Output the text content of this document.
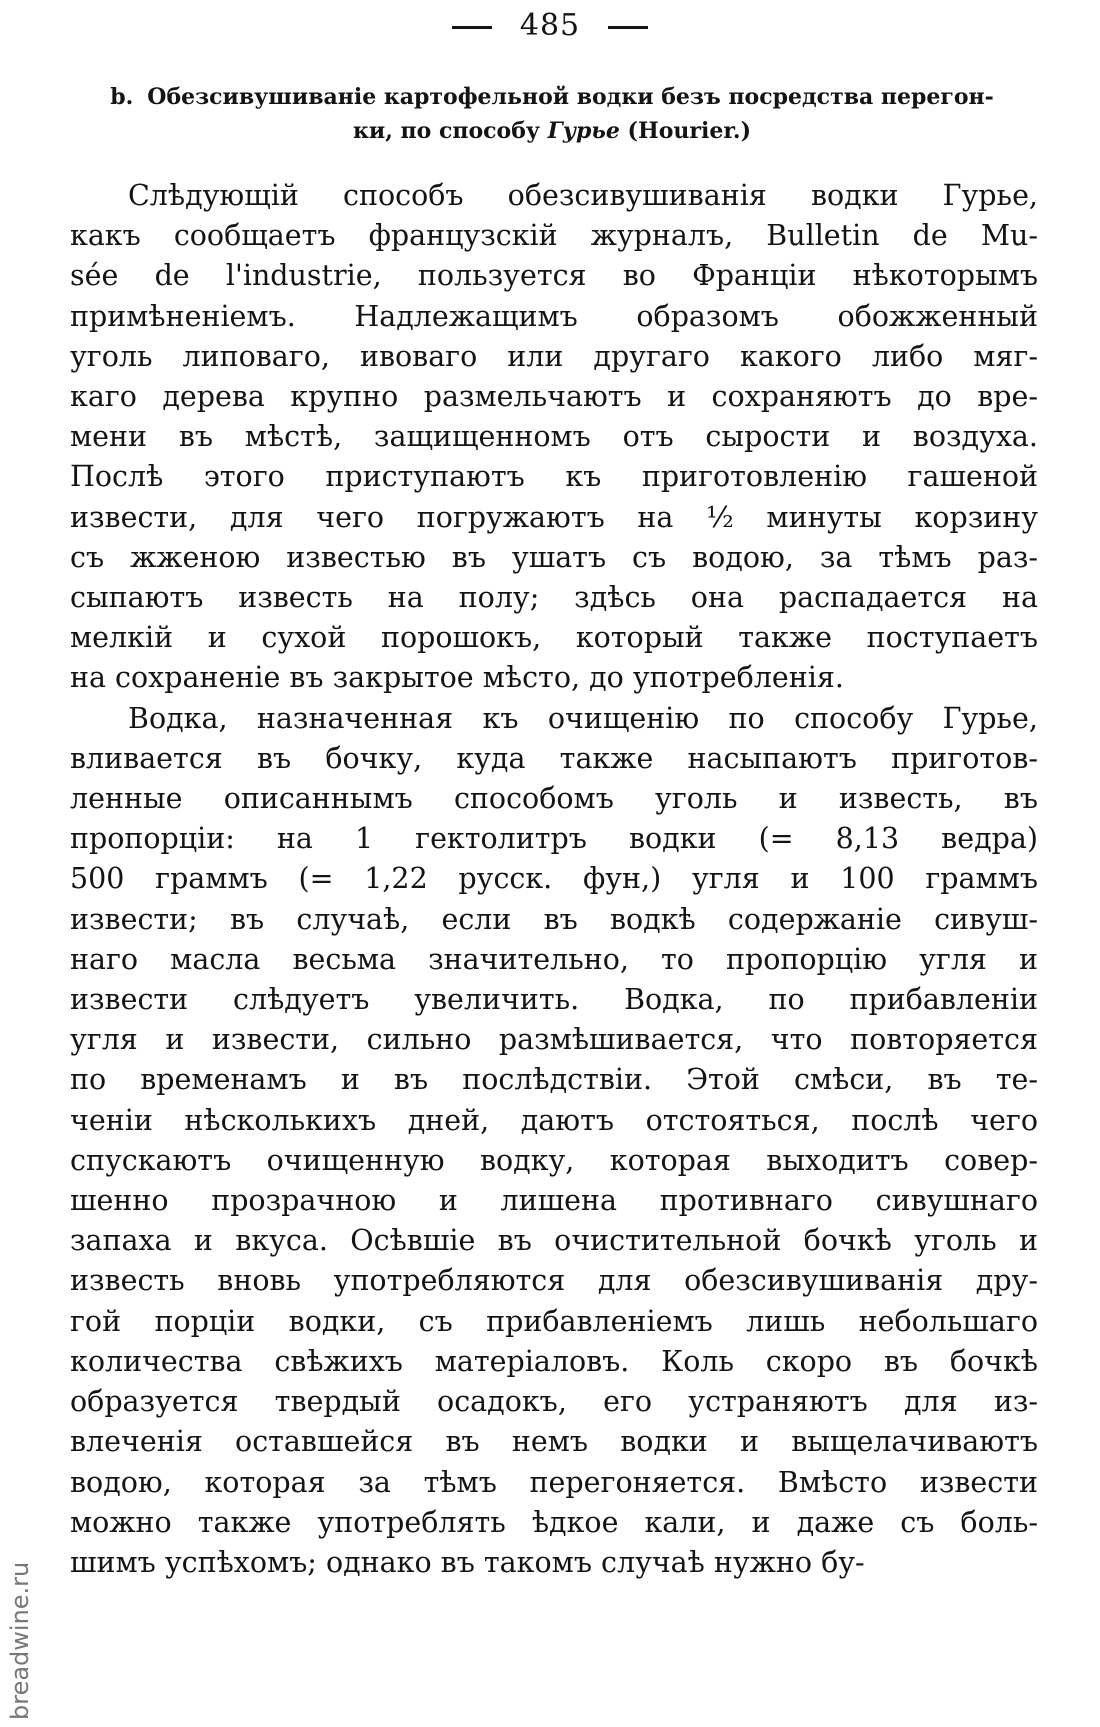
485
b. Обезсивушиваніе картофельной водки безъ посредства перегон-
ки, по способу Гурье (Hourier.)
Слѣдующій способъ обезсивушиванія водки Гурье,
какъ сообщаетъ французскій журналъ, Bulletin de Mu-
sée de l'industrie, пользуется во Франціи нѣкоторымъ
примѣненіемъ. Надлежащимъ образомъ обожженный
уголь липоваго, ивоваго или другаго какого либо мяг-
каго дерева крупно размельчаютъ и сохраняютъ до вре-
мени въ мѣстѣ, защищенномъ отъ сырости и воздуха.
Послѣ этого приступаютъ къ приготовленію гашеной
извести, для чего погружаютъ на ½ минуты корзину
съ жженою известью въ ушатъ съ водою, за тѣмъ раз-
сыпаютъ известь на полу; здѣсь она распадается на
мелкій и сухой порошокъ, который также поступаетъ
на сохраненіе въ закрытое мѣсто, до употребленія.
Водка, назначенная къ очищенію по способу Гурье,
вливается въ бочку, куда также насыпаютъ приготов-
ленные описаннымъ способомъ уголь и известь, въ
пропорціи: на 1 гектолитръ водки (= 8,13 ведра)
500 граммъ (= 1,22 русск. фун,) угля и 100 граммъ
извести; въ случаѣ, если въ водкѣ содержаніе сивуш-
наго масла весьма значительно, то пропорцію угля и
извести слѣдуетъ увеличить. Водка, по прибавленіи
угля и извести, сильно размѣшивается, что повторяется
по временамъ и въ послѣдствіи. Этой смѣси, въ те-
ченіи нѣсколькихъ дней, даютъ отстояться, послѣ чего
спускаютъ очищенную водку, которая выходитъ совер-
шенно прозрачною и лишена противнаго сивушнаго
запаха и вкуса. Осѣвшіе въ очистительной бочкѣ уголь и
известь вновь употребляются для обезсивушиванія дру-
гой порціи водки, съ прибавленіемъ лишь небольшаго
количества свѣжихъ матеріаловъ. Коль скоро въ бочкѣ
образуется твердый осадокъ, его устраняютъ для из-
влеченія оставшейся въ немъ водки и выщелачиваютъ
водою, которая за тѣмъ перегоняется. Вмѣсто извести
можно также употреблять ѣдкое кали, и даже съ боль-
шимъ успѣхомъ; однако въ такомъ случаѣ нужно бу-
breadwine.ru
